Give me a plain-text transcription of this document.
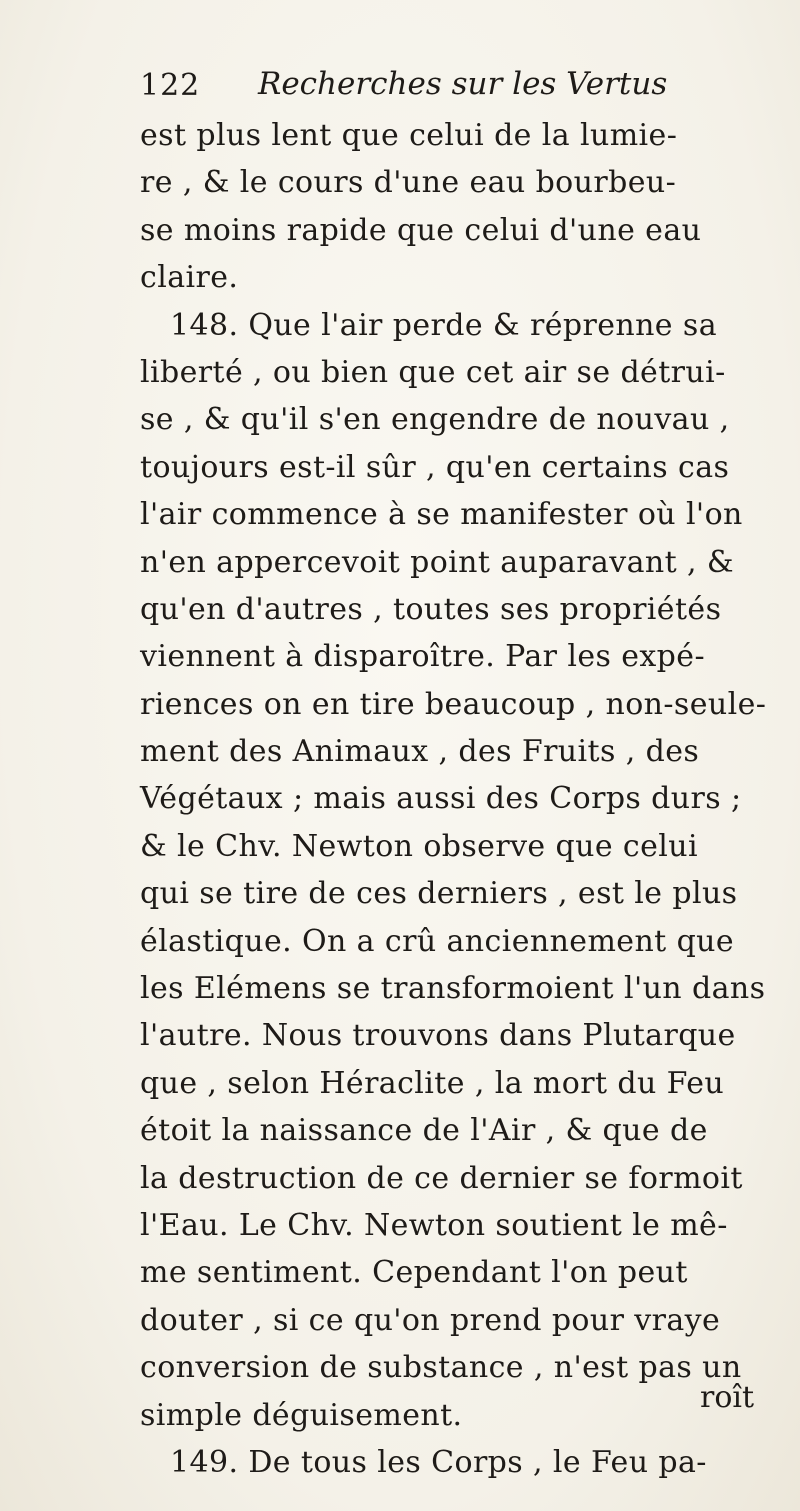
122 Recherches sur les Vertus
est plus lent que celui de la lumie-
re , & le cours d'une eau bourbeu-
se moins rapide que celui d'une eau
claire.
148. Que l'air perde & réprenne sa
liberté , ou bien que cet air se détrui-
se , & qu'il s'en engendre de nouvau ,
toujours est-il sûr , qu'en certains cas
l'air commence à se manifester où l'on
n'en appercevoit point auparavant , &
qu'en d'autres , toutes ses propriétés
viennent à disparoître. Par les expé-
riences on en tire beaucoup , non-seule-
ment des Animaux , des Fruits , des
Végétaux ; mais aussi des Corps durs ;
& le Chv. Newton observe que celui
qui se tire de ces derniers , est le plus
élastique. On a crû anciennement que
les Elémens se transformoient l'un dans
l'autre. Nous trouvons dans Plutarque
que , selon Héraclite , la mort du Feu
étoit la naissance de l'Air , & que de
la destruction de ce dernier se formoit
l'Eau. Le Chv. Newton soutient le mê-
me sentiment. Cependant l'on peut
douter , si ce qu'on prend pour vraye
conversion de substance , n'est pas un
simple déguisement.
149. De tous les Corps , le Feu pa-
roît
